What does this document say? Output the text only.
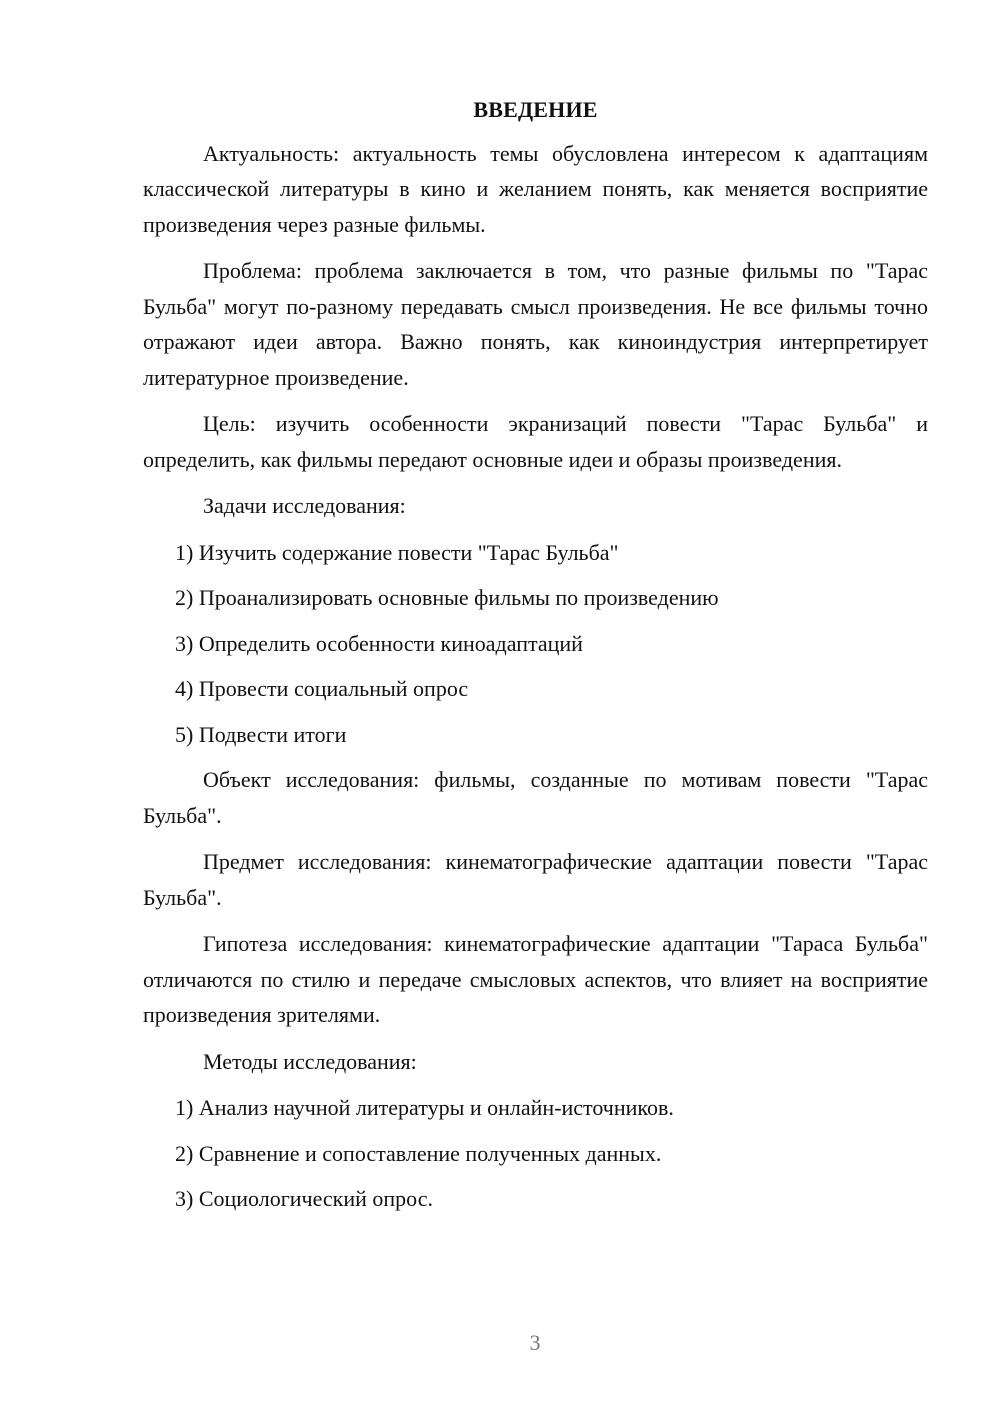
ВВЕДЕНИЕ

Актуальность: актуальность темы обусловлена интересом к адаптациям классической литературы в кино и желанием понять, как меняется восприятие произведения через разные фильмы.

Проблема: проблема заключается в том, что разные фильмы по "Тарас Бульба" могут по-разному передавать смысл произведения. Не все фильмы точно отражают идеи автора. Важно понять, как киноиндустрия интерпретирует литературное произведение.

Цель: изучить особенности экранизаций повести "Тарас Бульба" и определить, как фильмы передают основные идеи и образы произведения.

Задачи исследования:

1) Изучить содержание повести "Тарас Бульба"
2) Проанализировать основные фильмы по произведению
3) Определить особенности киноадаптаций
4) Провести социальный опрос
5) Подвести итоги

Объект исследования: фильмы, созданные по мотивам повести "Тарас Бульба".

Предмет исследования: кинематографические адаптации повести "Тарас Бульба".

Гипотеза исследования: кинематографические адаптации "Тараса Бульба" отличаются по стилю и передаче смысловых аспектов, что влияет на восприятие произведения зрителями.

Методы исследования:

1) Анализ научной литературы и онлайн-источников.
2) Сравнение и сопоставление полученных данных.
3) Социологический опрос.
3
